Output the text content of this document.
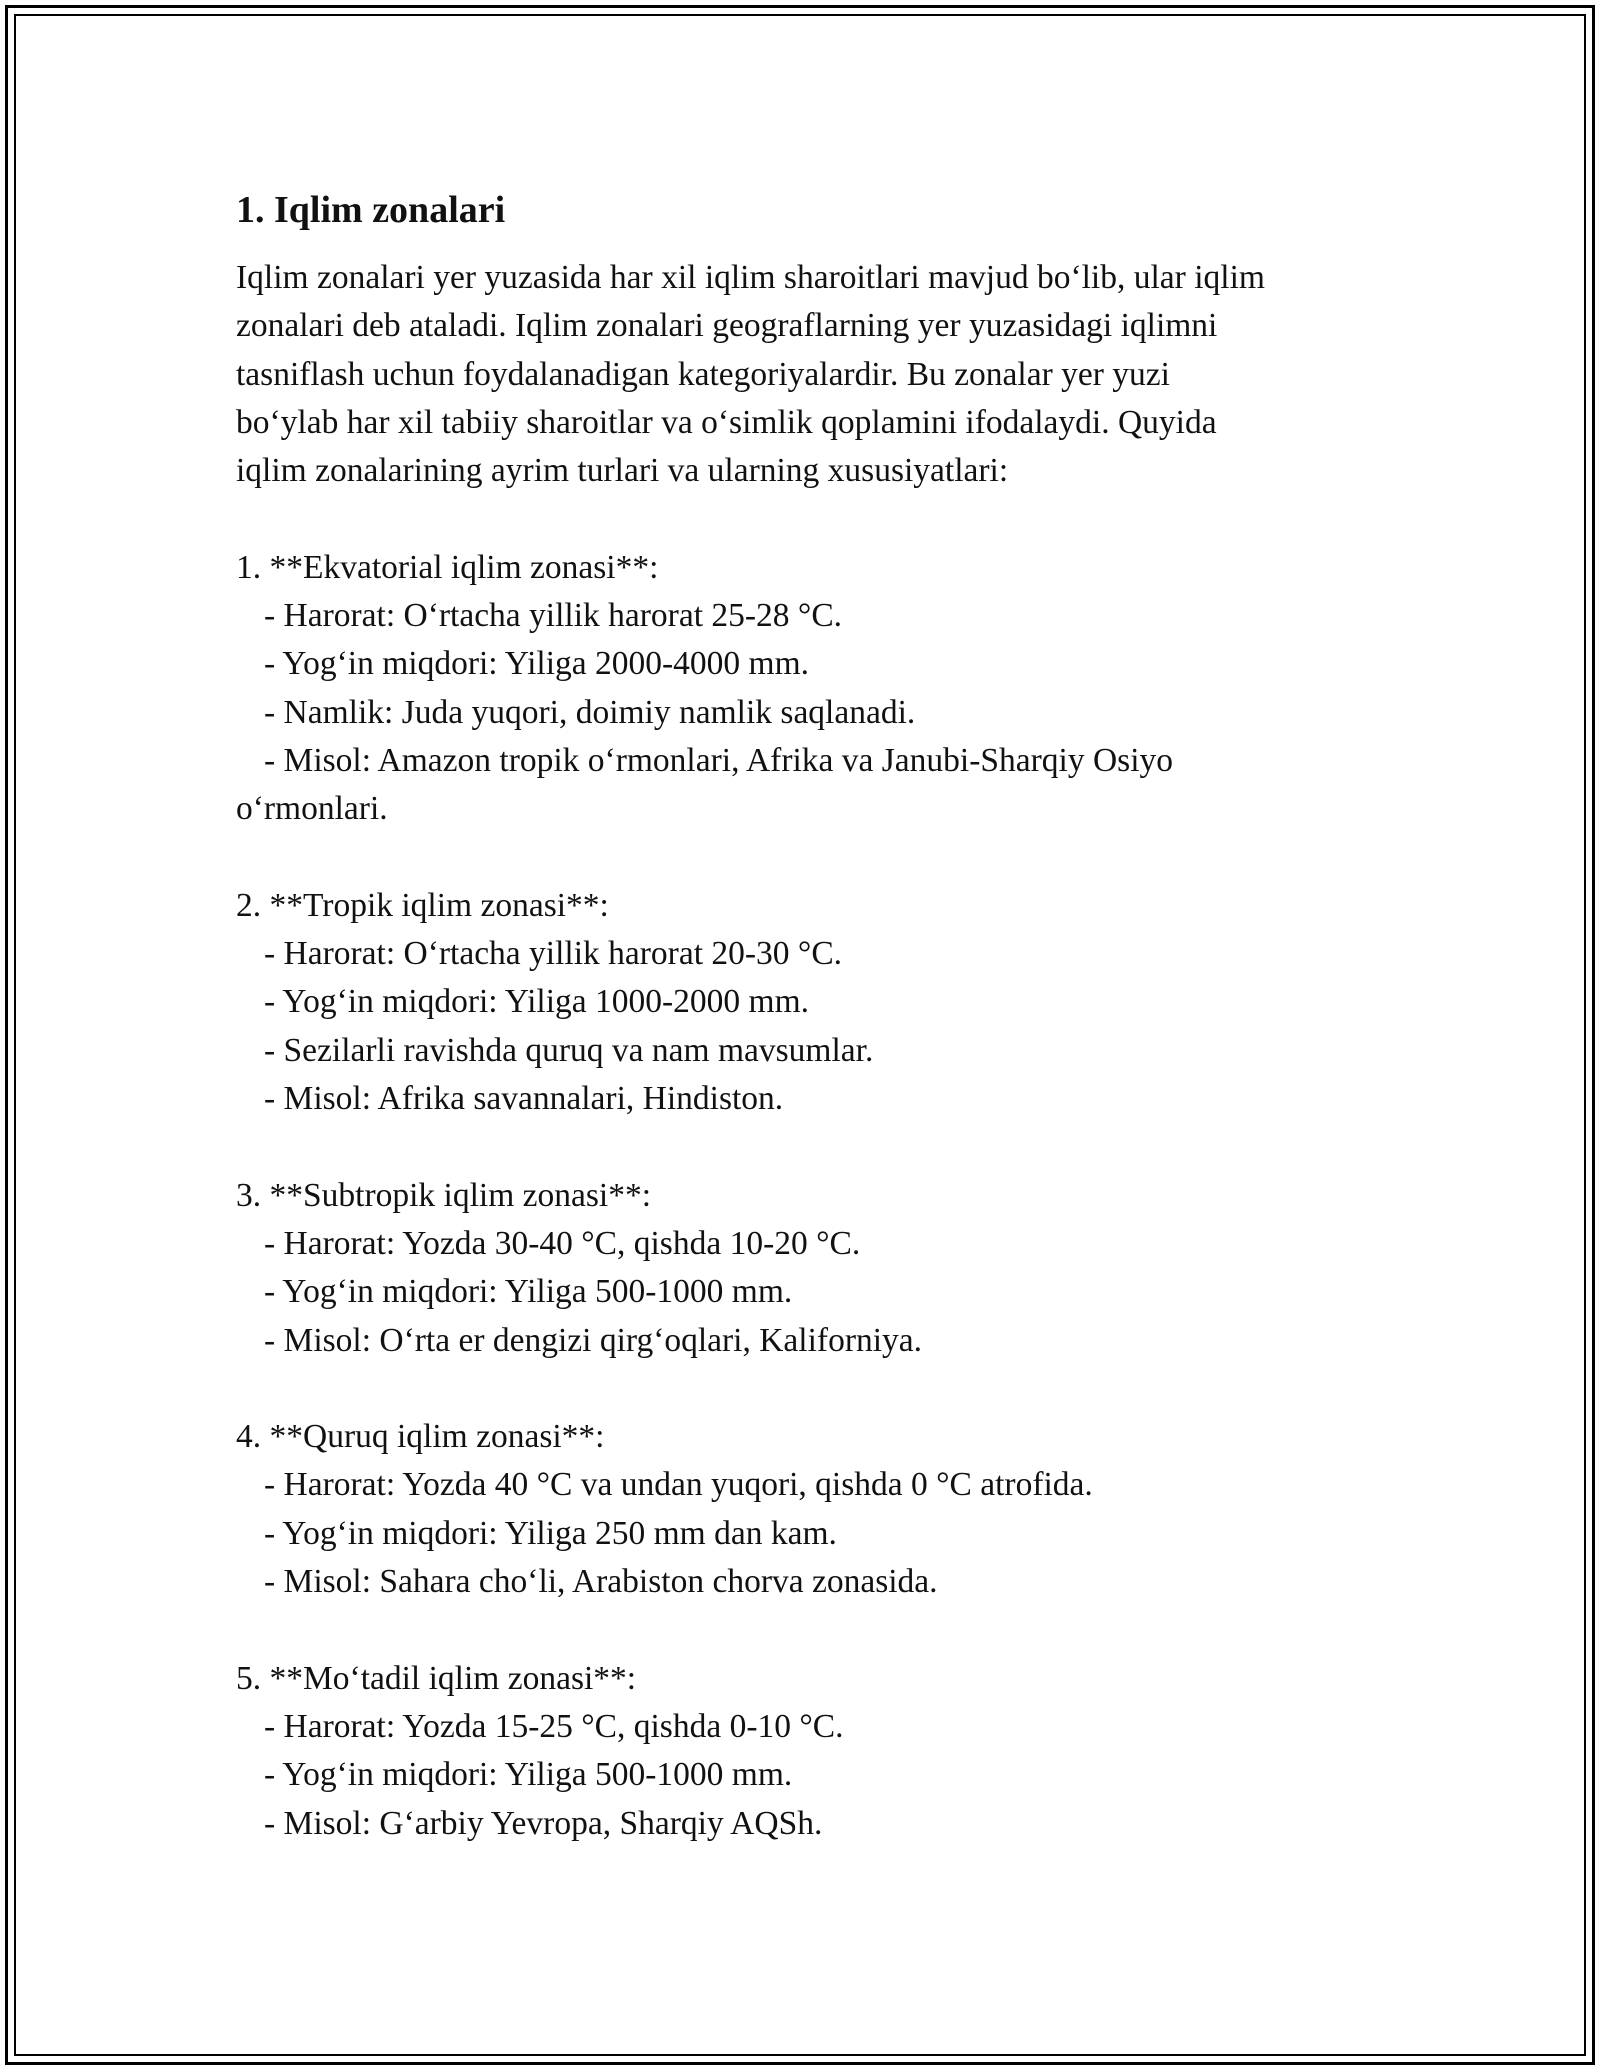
1. Iqlim zonalari

Iqlim zonalari yer yuzasida har xil iqlim sharoitlari mavjud bo‘lib, ular iqlim
zonalari deb ataladi. Iqlim zonalari geograflarning yer yuzasidagi iqlimni
tasniflash uchun foydalanadigan kategoriyalardir. Bu zonalar yer yuzi
bo‘ylab har xil tabiiy sharoitlar va o‘simlik qoplamini ifodalaydi. Quyida
iqlim zonalarining ayrim turlari va ularning xususiyatlari:

1. **Ekvatorial iqlim zonasi**:
- Harorat: O‘rtacha yillik harorat 25-28 °C.
- Yog‘in miqdori: Yiliga 2000-4000 mm.
- Namlik: Juda yuqori, doimiy namlik saqlanadi.
- Misol: Amazon tropik o‘rmonlari, Afrika va Janubi-Sharqiy Osiyo
o‘rmonlari.
2. **Tropik iqlim zonasi**:
- Harorat: O‘rtacha yillik harorat 20-30 °C.
- Yog‘in miqdori: Yiliga 1000-2000 mm.
- Sezilarli ravishda quruq va nam mavsumlar.
- Misol: Afrika savannalari, Hindiston.
3. **Subtropik iqlim zonasi**:
- Harorat: Yozda 30-40 °C, qishda 10-20 °C.
- Yog‘in miqdori: Yiliga 500-1000 mm.
- Misol: O‘rta er dengizi qirg‘oqlari, Kaliforniya.
4. **Quruq iqlim zonasi**:
- Harorat: Yozda 40 °C va undan yuqori, qishda 0 °C atrofida.
- Yog‘in miqdori: Yiliga 250 mm dan kam.
- Misol: Sahara cho‘li, Arabiston chorva zonasida.
5. **Mo‘tadil iqlim zonasi**:
- Harorat: Yozda 15-25 °C, qishda 0-10 °C.
- Yog‘in miqdori: Yiliga 500-1000 mm.
- Misol: G‘arbiy Yevropa, Sharqiy AQSh.
